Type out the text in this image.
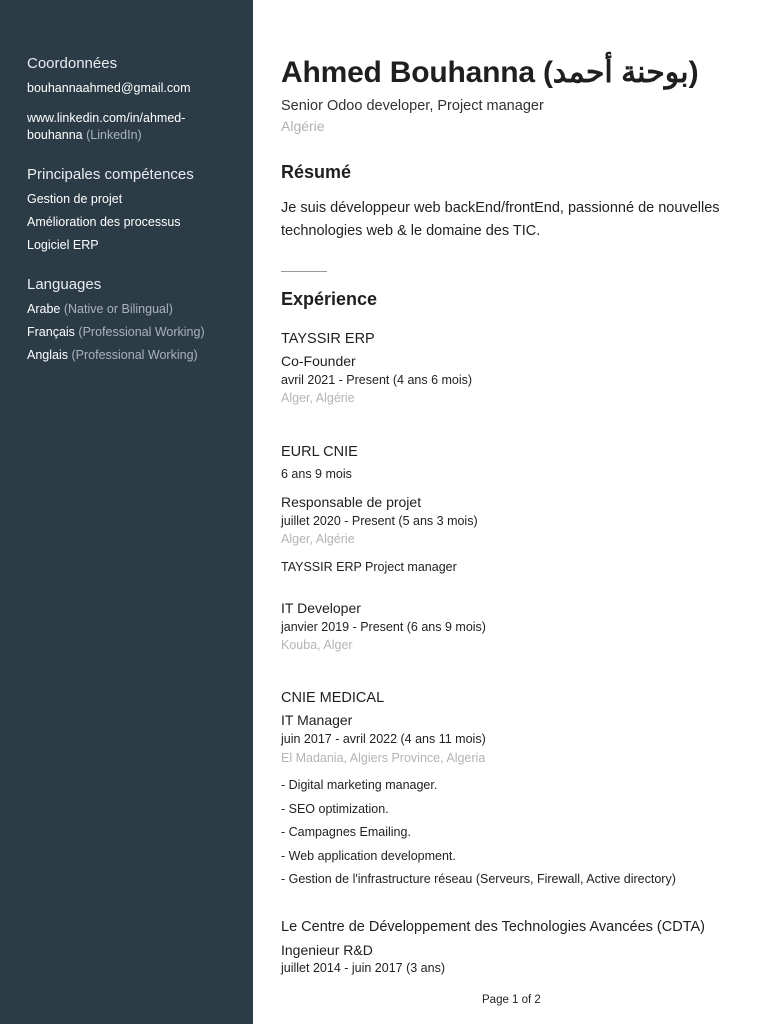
Coordonnées
bouhannaahmed@gmail.com
www.linkedin.com/in/ahmed-
bouhanna (LinkedIn)
Principales compétences
Gestion de projet
Amélioration des processus
Logiciel ERP
Languages
Arabe (Native or Bilingual)
Français (Professional Working)
Anglais (Professional Working)
Ahmed Bouhanna (بوحنة أحمد)
Senior Odoo developer, Project manager
Algérie
Résumé

Je suis développeur web backEnd/frontEnd, passionné de nouvelles technologies web & le domaine des TIC.

Expérience
TAYSSIR ERP
Co-Founder
avril 2021 - Present (4 ans 6 mois)
Alger, Algérie
EURL CNIE
6 ans 9 mois
Responsable de projet
juillet 2020 - Present (5 ans 3 mois)
Alger, Algérie
TAYSSIR ERP Project manager
IT Developer
janvier 2019 - Present (6 ans 9 mois)
Kouba, Alger
CNIE MEDICAL
IT Manager
juin 2017 - avril 2022 (4 ans 11 mois)
El Madania, Algiers Province, Algeria
- Digital marketing manager.
- SEO optimization.
- Campagnes Emailing.
- Web application development.
- Gestion de l'infrastructure réseau (Serveurs, Firewall, Active directory)
Le Centre de Développement des Technologies Avancées (CDTA)
Ingenieur R&D
juillet 2014 - juin 2017 (3 ans)
Page 1 of 2
